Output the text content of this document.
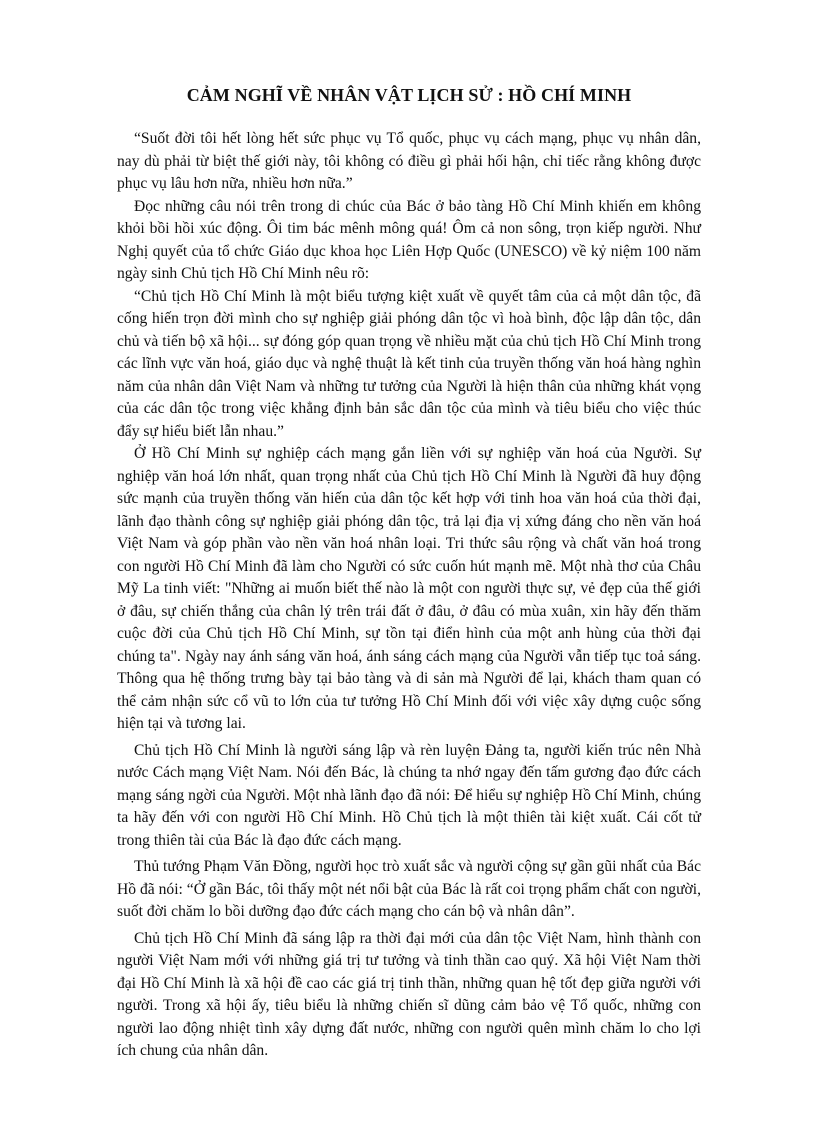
CẢM NGHĨ VỀ NHÂN VẬT LỊCH SỬ : HỒ CHÍ MINH

“Suốt đời tôi hết lòng hết sức phục vụ Tổ quốc, phục vụ cách mạng, phục vụ nhân dân, nay dù phải từ biệt thế giới này, tôi không có điều gì phải hối hận, chỉ tiếc rằng không được phục vụ lâu hơn nữa, nhiều hơn nữa.”

Đọc những câu nói trên trong di chúc của Bác ở bảo tàng Hồ Chí Minh khiến em không khỏi bồi hồi xúc động. Ôi tim bác mênh mông quá! Ôm cả non sông, trọn kiếp người. Như Nghị quyết của tổ chức Giáo dục khoa học Liên Hợp Quốc (UNESCO) về kỷ niệm 100 năm ngày sinh Chủ tịch Hồ Chí Minh nêu rõ:

“Chủ tịch Hồ Chí Minh là một biểu tượng kiệt xuất về quyết tâm của cả một dân tộc, đã cống hiến trọn đời mình cho sự nghiệp giải phóng dân tộc vì hoà bình, độc lập dân tộc, dân chủ và tiến bộ xã hội... sự đóng góp quan trọng về nhiều mặt của chủ tịch Hồ Chí Minh trong các lĩnh vực văn hoá, giáo dục và nghệ thuật là kết tinh của truyền thống văn hoá hàng nghìn năm của nhân dân Việt Nam và những tư tưởng của Người là hiện thân của những khát vọng của các dân tộc trong việc khẳng định bản sắc dân tộc của mình và tiêu biểu cho việc thúc đẩy sự hiểu biết lẫn nhau.”

Ở Hồ Chí Minh sự nghiệp cách mạng gắn liền với sự nghiệp văn hoá của Người. Sự nghiệp văn hoá lớn nhất, quan trọng nhất của Chủ tịch Hồ Chí Minh là Người đã huy động sức mạnh của truyền thống văn hiến của dân tộc kết hợp với tinh hoa văn hoá của thời đại, lãnh đạo thành công sự nghiệp giải phóng dân tộc, trả lại địa vị xứng đáng cho nền văn hoá Việt Nam và góp phần vào nền văn hoá nhân loại. Tri thức sâu rộng và chất văn hoá trong con người Hồ Chí Minh đã làm cho Người có sức cuốn hút mạnh mẽ. Một nhà thơ của Châu Mỹ La tinh viết: "Những ai muốn biết thế nào là một con người thực sự, vẻ đẹp của thế giới ở đâu, sự chiến thắng của chân lý trên trái đất ở đâu, ở đâu có mùa xuân, xin hãy đến thăm cuộc đời của Chủ tịch Hồ Chí Minh, sự tồn tại điển hình của một anh hùng của thời đại chúng ta". Ngày nay ánh sáng văn hoá, ánh sáng cách mạng của Người vẫn tiếp tục toả sáng. Thông qua hệ thống trưng bày tại bảo tàng và di sản mà Người để lại, khách tham quan có thể cảm nhận sức cổ vũ to lớn của tư tưởng Hồ Chí Minh đối với việc xây dựng cuộc sống hiện tại và tương lai.

Chủ tịch Hồ Chí Minh là người sáng lập và rèn luyện Đảng ta, người kiến trúc nên Nhà nước Cách mạng Việt Nam. Nói đến Bác, là chúng ta nhớ ngay đến tấm gương đạo đức cách mạng sáng ngời của Người. Một nhà lãnh đạo đã nói: Để hiểu sự nghiệp Hồ Chí Minh, chúng ta hãy đến với con người Hồ Chí Minh. Hồ Chủ tịch là một thiên tài kiệt xuất. Cái cốt tử trong thiên tài của Bác là đạo đức cách mạng.

Thủ tướng Phạm Văn Đồng, người học trò xuất sắc và người cộng sự gần gũi nhất của Bác Hồ đã nói: “Ở gần Bác, tôi thấy một nét nổi bật của Bác là rất coi trọng phẩm chất con người, suốt đời chăm lo bồi dưỡng đạo đức cách mạng cho cán bộ và nhân dân”.

Chủ tịch Hồ Chí Minh đã sáng lập ra thời đại mới của dân tộc Việt Nam, hình thành con người Việt Nam mới với những giá trị tư tưởng và tinh thần cao quý. Xã hội Việt Nam thời đại Hồ Chí Minh là xã hội đề cao các giá trị tinh thần, những quan hệ tốt đẹp giữa người với người. Trong xã hội ấy, tiêu biểu là những chiến sĩ dũng cảm bảo vệ Tổ quốc, những con người lao động nhiệt tình xây dựng đất nước, những con người quên mình chăm lo cho lợi ích chung của nhân dân.
